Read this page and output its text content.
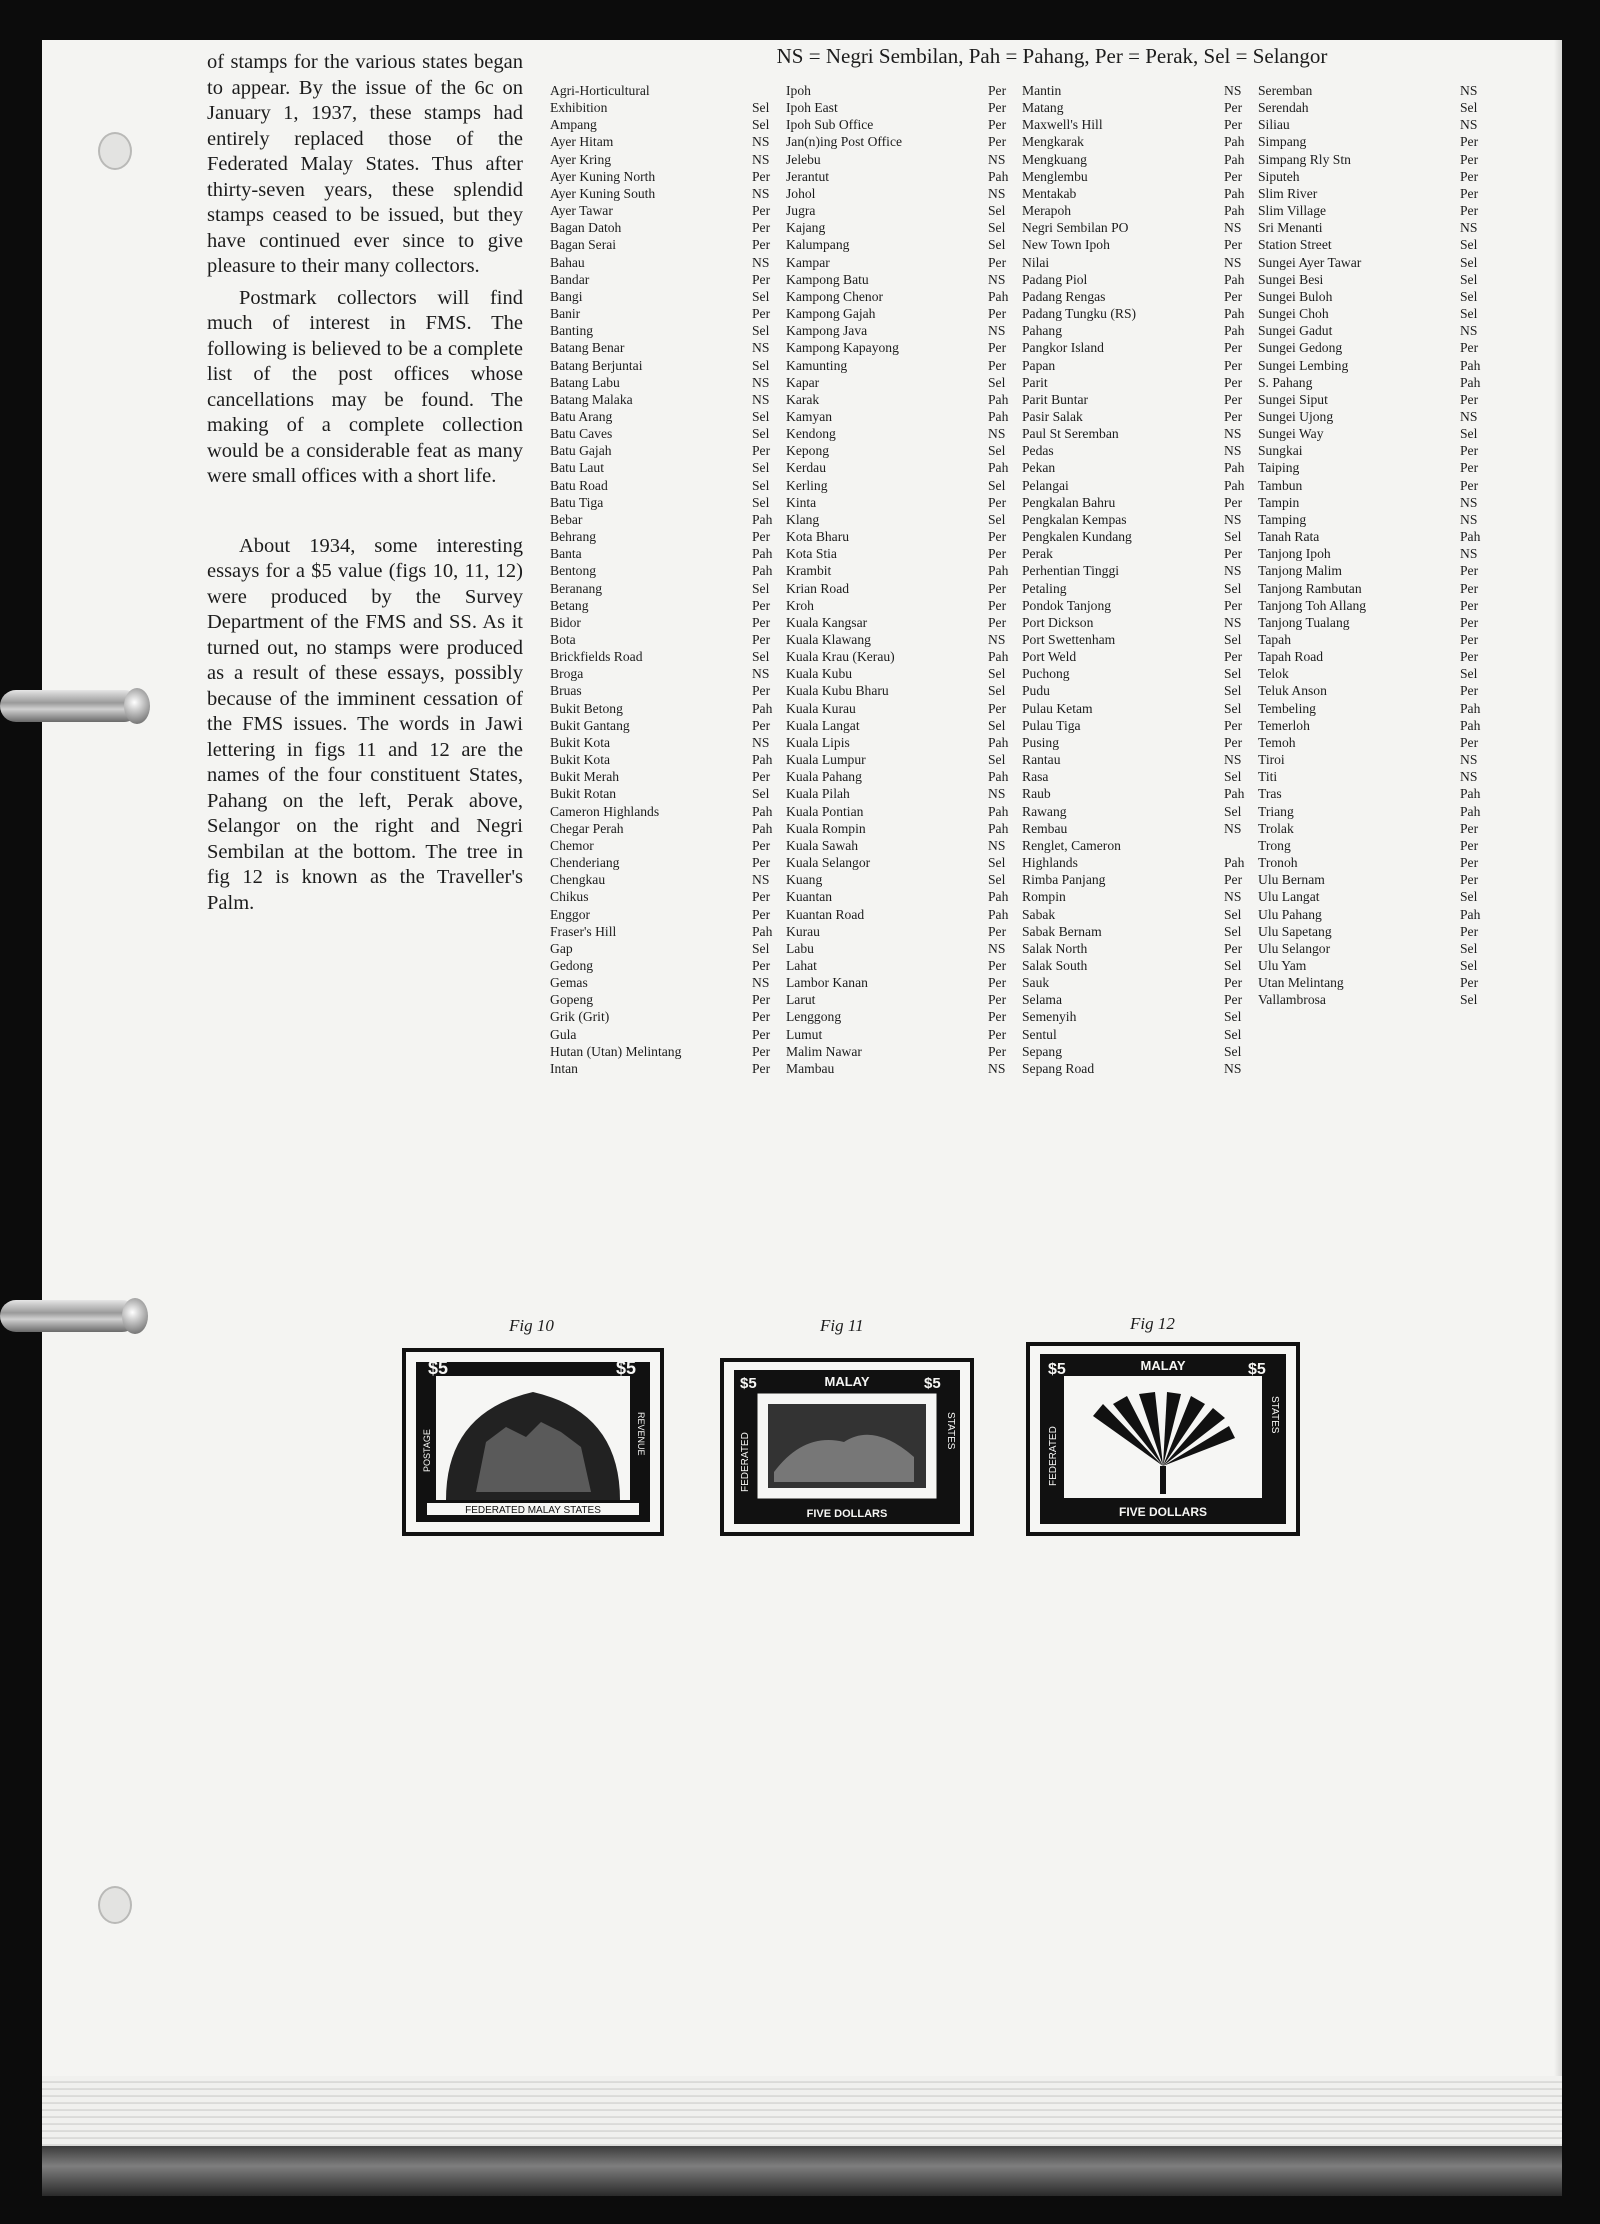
of stamps for the various states began to appear. By the issue of the 6c on January 1, 1937, these stamps had entirely replaced those of the Federated Malay States. Thus after thirty-seven years, these splendid stamps ceased to be issued, but they have continued ever since to give pleasure to their many collectors.

Postmark collectors will find much of interest in FMS. The following is believed to be a complete list of the post offices whose cancellations may be found. The making of a complete collection would be a considerable feat as many were small offices with a short life.

About 1934, some interesting essays for a $5 value (figs 10, 11, 12) were produced by the Survey Department of the FMS and SS. As it turned out, no stamps were produced as a result of these essays, possibly because of the imminent cessation of the FMS issues. The words in Jawi lettering in figs 11 and 12 are the names of the four constituent States, Pahang on the left, Perak above, Selangor on the right and Negri Sembilan at the bottom. The tree in fig 12 is known as the Traveller's Palm.

NS = Negri Sembilan, Pah = Pahang, Per = Perak, Sel = Selangor
Agri-Horticultural
Exhibition	Sel
Ampang	Sel
Ayer Hitam	NS
Ayer Kring	NS
Ayer Kuning North	Per
Ayer Kuning South	NS
Ayer Tawar	Per
Bagan Datoh	Per
Bagan Serai	Per
Bahau	NS
Bandar	Per
Bangi	Sel
Banir	Per
Banting	Sel
Batang Benar	NS
Batang Berjuntai	Sel
Batang Labu	NS
Batang Malaka	NS
Batu Arang	Sel
Batu Caves	Sel
Batu Gajah	Per
Batu Laut	Sel
Batu Road	Sel
Batu Tiga	Sel
Bebar	Pah
Behrang	Per
Banta	Pah
Bentong	Pah
Beranang	Sel
Betang	Per
Bidor	Per
Bota	Per
Brickfields Road	Sel
Broga	NS
Bruas	Per
Bukit Betong	Pah
Bukit Gantang	Per
Bukit Kota	NS
Bukit Kota	Pah
Bukit Merah	Per
Bukit Rotan	Sel
Cameron Highlands	Pah
Chegar Perah	Pah
Chemor	Per
Chenderiang	Per
Chengkau	NS
Chikus	Per
Enggor	Per
Fraser's Hill	Pah
Gap	Sel
Gedong	Per
Gemas	NS
Gopeng	Per
Grik (Grit)	Per
Gula	Per
Hutan (Utan) Melintang	Per
Intan	Per
Ipoh	Per
Ipoh East	Per
Ipoh Sub Office	Per
Jan(n)ing Post Office	Per
Jelebu	NS
Jerantut	Pah
Johol	NS
Jugra	Sel
Kajang	Sel
Kalumpang	Sel
Kampar	Per
Kampong Batu	NS
Kampong Chenor	Pah
Kampong Gajah	Per
Kampong Java	NS
Kampong Kapayong	Per
Kamunting	Per
Kapar	Sel
Karak	Pah
Kamyan	Pah
Kendong	NS
Kepong	Sel
Kerdau	Pah
Kerling	Sel
Kinta	Per
Klang	Sel
Kota Bharu	Per
Kota Stia	Per
Krambit	Pah
Krian Road	Per
Kroh	Per
Kuala Kangsar	Per
Kuala Klawang	NS
Kuala Krau (Kerau)	Pah
Kuala Kubu	Sel
Kuala Kubu Bharu	Sel
Kuala Kurau	Per
Kuala Langat	Sel
Kuala Lipis	Pah
Kuala Lumpur	Sel
Kuala Pahang	Pah
Kuala Pilah	NS
Kuala Pontian	Pah
Kuala Rompin	Pah
Kuala Sawah	NS
Kuala Selangor	Sel
Kuang	Sel
Kuantan	Pah
Kuantan Road	Pah
Kurau	Per
Labu	NS
Lahat	Per
Lambor Kanan	Per
Larut	Per
Lenggong	Per
Lumut	Per
Malim Nawar	Per
Mambau	NS
Mantin	NS
Matang	Per
Maxwell's Hill	Per
Mengkarak	Pah
Mengkuang	Pah
Menglembu	Per
Mentakab	Pah
Merapoh	Pah
Negri Sembilan PO	NS
New Town Ipoh	Per
Nilai	NS
Padang Piol	Pah
Padang Rengas	Per
Padang Tungku (RS)	Pah
Pahang	Pah
Pangkor Island	Per
Papan	Per
Parit	Per
Parit Buntar	Per
Pasir Salak	Per
Paul St Seremban	NS
Pedas	NS
Pekan	Pah
Pelangai	Pah
Pengkalan Bahru	Per
Pengkalan Kempas	NS
Pengkalen Kundang	Sel
Perak	Per
Perhentian Tinggi	NS
Petaling	Sel
Pondok Tanjong	Per
Port Dickson	NS
Port Swettenham	Sel
Port Weld	Per
Puchong	Sel
Pudu	Sel
Pulau Ketam	Sel
Pulau Tiga	Per
Pusing	Per
Rantau	NS
Rasa	Sel
Raub	Pah
Rawang	Sel
Rembau	NS
Renglet, Cameron
Highlands	Pah
Rimba Panjang	Per
Rompin	NS
Sabak	Sel
Sabak Bernam	Sel
Salak North	Per
Salak South	Sel
Sauk	Per
Selama	Per
Semenyih	Sel
Sentul	Sel
Sepang	Sel
Sepang Road	NS
Seremban	NS
Serendah	Sel
Siliau	NS
Simpang	Per
Simpang Rly Stn	Per
Siputeh	Per
Slim River	Per
Slim Village	Per
Sri Menanti	NS
Station Street	Sel
Sungei Ayer Tawar	Sel
Sungei Besi	Sel
Sungei Buloh	Sel
Sungei Choh	Sel
Sungei Gadut	NS
Sungei Gedong	Per
Sungei Lembing	Pah
S. Pahang	Pah
Sungei Siput	Per
Sungei Ujong	NS
Sungei Way	Sel
Sungkai	Per
Taiping	Per
Tambun	Per
Tampin	NS
Tamping	NS
Tanah Rata	Pah
Tanjong Ipoh	NS
Tanjong Malim	Per
Tanjong Rambutan	Per
Tanjong Toh Allang	Per
Tanjong Tualang	Per
Tapah	Per
Tapah Road	Per
Telok	Sel
Teluk Anson	Per
Tembeling	Pah
Temerloh	Pah
Temoh	Per
Tiroi	NS
Titi	NS
Tras	Pah
Triang	Pah
Trolak	Per
Trong	Per
Tronoh	Per
Ulu Bernam	Per
Ulu Langat	Sel
Ulu Pahang	Pah
Ulu Sapetang	Per
Ulu Selangor	Sel
Ulu Yam	Sel
Utan Melintang	Per
Vallambrosa	Sel
Fig 10	Fig 11	Fig 12
FEDERATED MALAY STATES
$5	$5
POSTAGE	REVENUE
MALAY
FIVE DOLLARS
FEDERATED
STATES
$5	$5
MALAY
FIVE DOLLARS
FEDERATED
STATES
$5	$5
